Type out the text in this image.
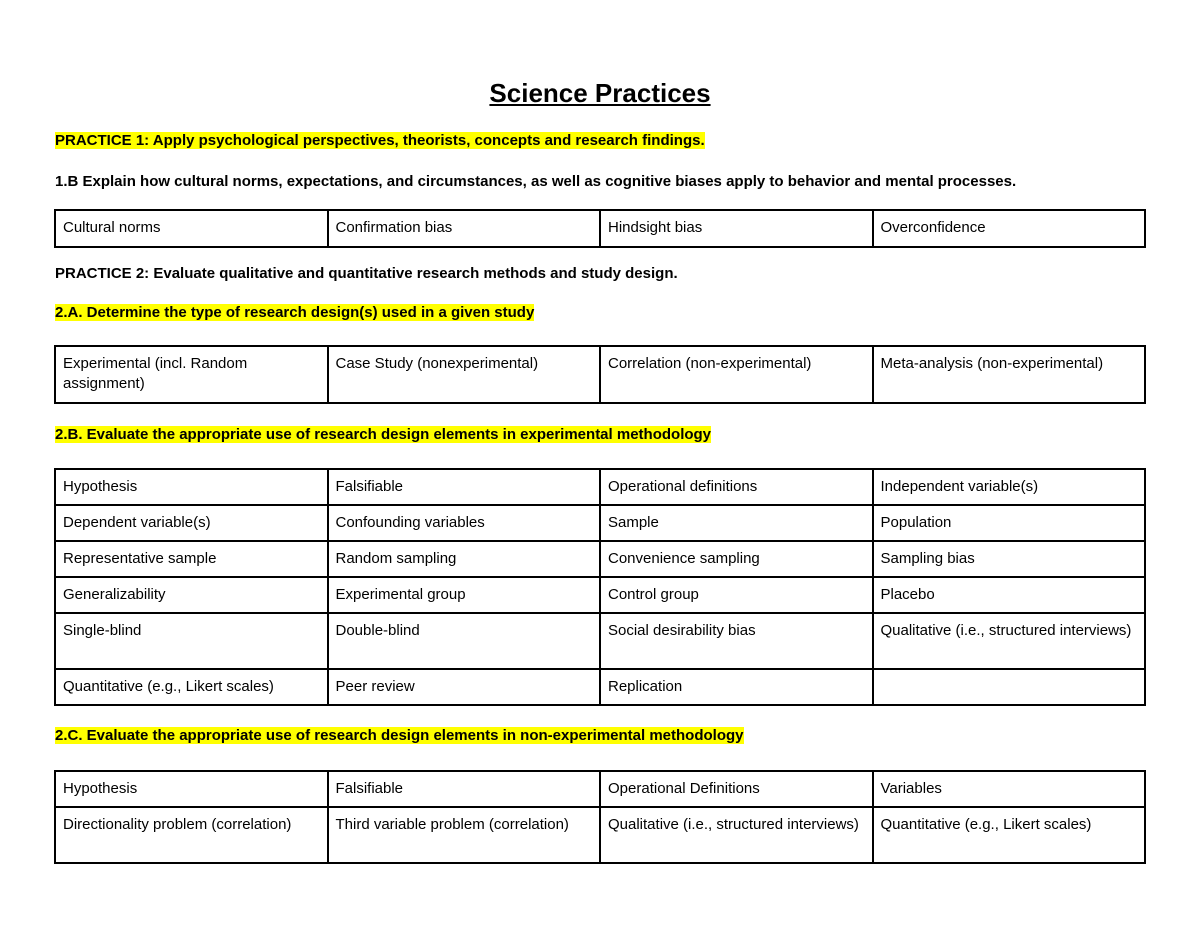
Science Practices
PRACTICE 1: Apply psychological perspectives, theorists, concepts and research findings.
1.B Explain how cultural norms, expectations, and circumstances, as well as cognitive biases apply to behavior and mental processes.
Cultural norms	Confirmation bias	Hindsight bias	Overconfidence
PRACTICE 2: Evaluate qualitative and quantitative research methods and study design.
2.A. Determine the type of research design(s) used in a given study
Experimental (incl. Random assignment)	Case Study (nonexperimental)	Correlation (non-experimental)	Meta-analysis (non-experimental)
2.B. Evaluate the appropriate use of research design elements in experimental methodology
Hypothesis	Falsifiable	Operational definitions	Independent variable(s)
Dependent variable(s)	Confounding variables	Sample	Population
Representative sample	Random sampling	Convenience sampling	Sampling bias
Generalizability	Experimental group	Control group	Placebo
Single-blind	Double-blind	Social desirability bias	Qualitative (i.e., structured interviews)
Quantitative (e.g., Likert scales)	Peer review	Replication	
2.C. Evaluate the appropriate use of research design elements in non-experimental methodology
Hypothesis	Falsifiable	Operational Definitions	Variables
Directionality problem (correlation)	Third variable problem (correlation)	Qualitative (i.e., structured interviews)	Quantitative (e.g., Likert scales)
